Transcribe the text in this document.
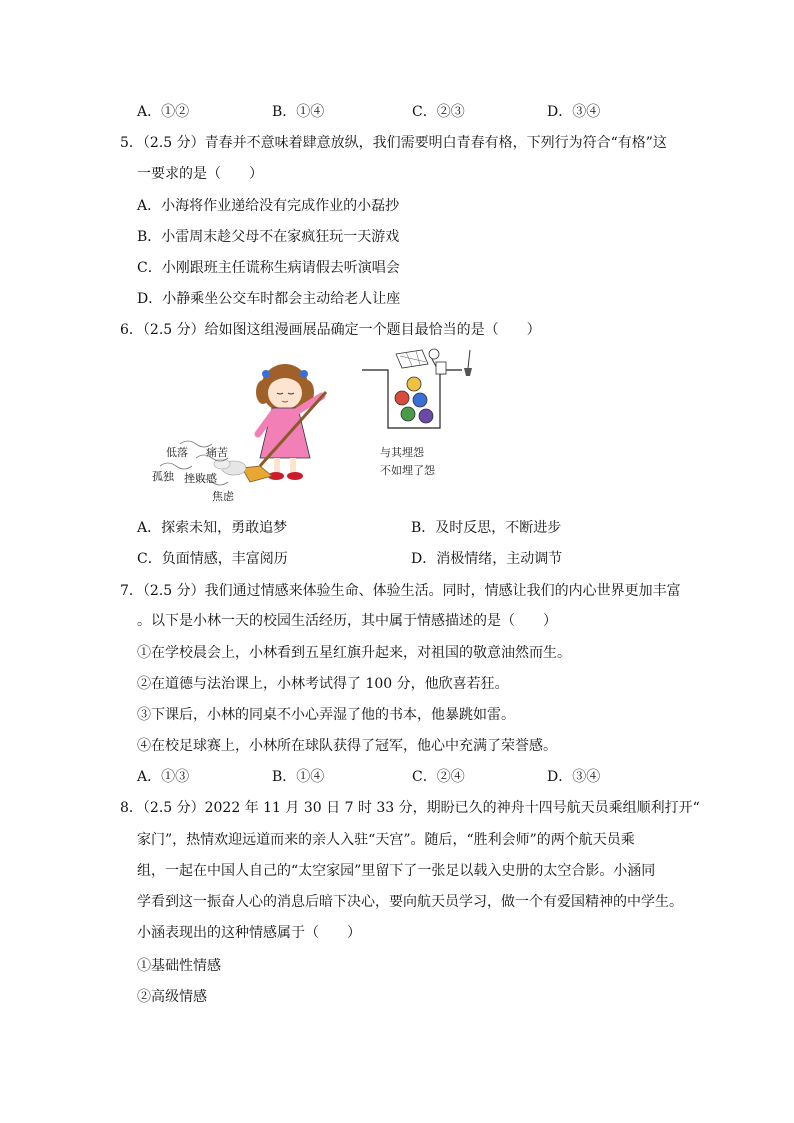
A．①②	B．①④	C．②③	D．③④
5．（2.5 分）青春并不意味着肆意放纵，我们需要明白青春有格，下列行为符合“有格”这
一要求的是（　　）
A．小海将作业递给没有完成作业的小磊抄
B．小雷周末趁父母不在家疯狂玩一天游戏
C．小刚跟班主任谎称生病请假去听演唱会
D．小静乘坐公交车时都会主动给老人让座
6．（2.5 分）给如图这组漫画展品确定一个题目最恰当的是（　　）
低落 痛苦
孤独 挫败感
焦虑
与其埋怨
不如埋了怨
A．探索未知，勇敢追梦	B．及时反思，不断进步
C．负面情感，丰富阅历	D．消极情绪，主动调节
7．（2.5 分）我们通过情感来体验生命、体验生活。同时，情感让我们的内心世界更加丰富
。以下是小林一天的校园生活经历，其中属于情感描述的是（　　）
①在学校晨会上，小林看到五星红旗升起来，对祖国的敬意油然而生。
②在道德与法治课上，小林考试得了 100 分，他欣喜若狂。
③下课后，小林的同桌不小心弄湿了他的书本，他暴跳如雷。
④在校足球赛上，小林所在球队获得了冠军，他心中充满了荣誉感。
A．①③	B．①④	C．②④	D．③④
8．（2.5 分）2022 年 11 月 30 日 7 时 33 分，期盼已久的神舟十四号航天员乘组顺利打开“
家门”，热情欢迎远道而来的亲人入驻“天宫”。随后，“胜利会师”的两个航天员乘
组，一起在中国人自己的“太空家园”里留下了一张足以载入史册的太空合影。小涵同
学看到这一振奋人心的消息后暗下决心，要向航天员学习，做一个有爱国精神的中学生。
小涵表现出的这种情感属于（　　）
①基础性情感
②高级情感
